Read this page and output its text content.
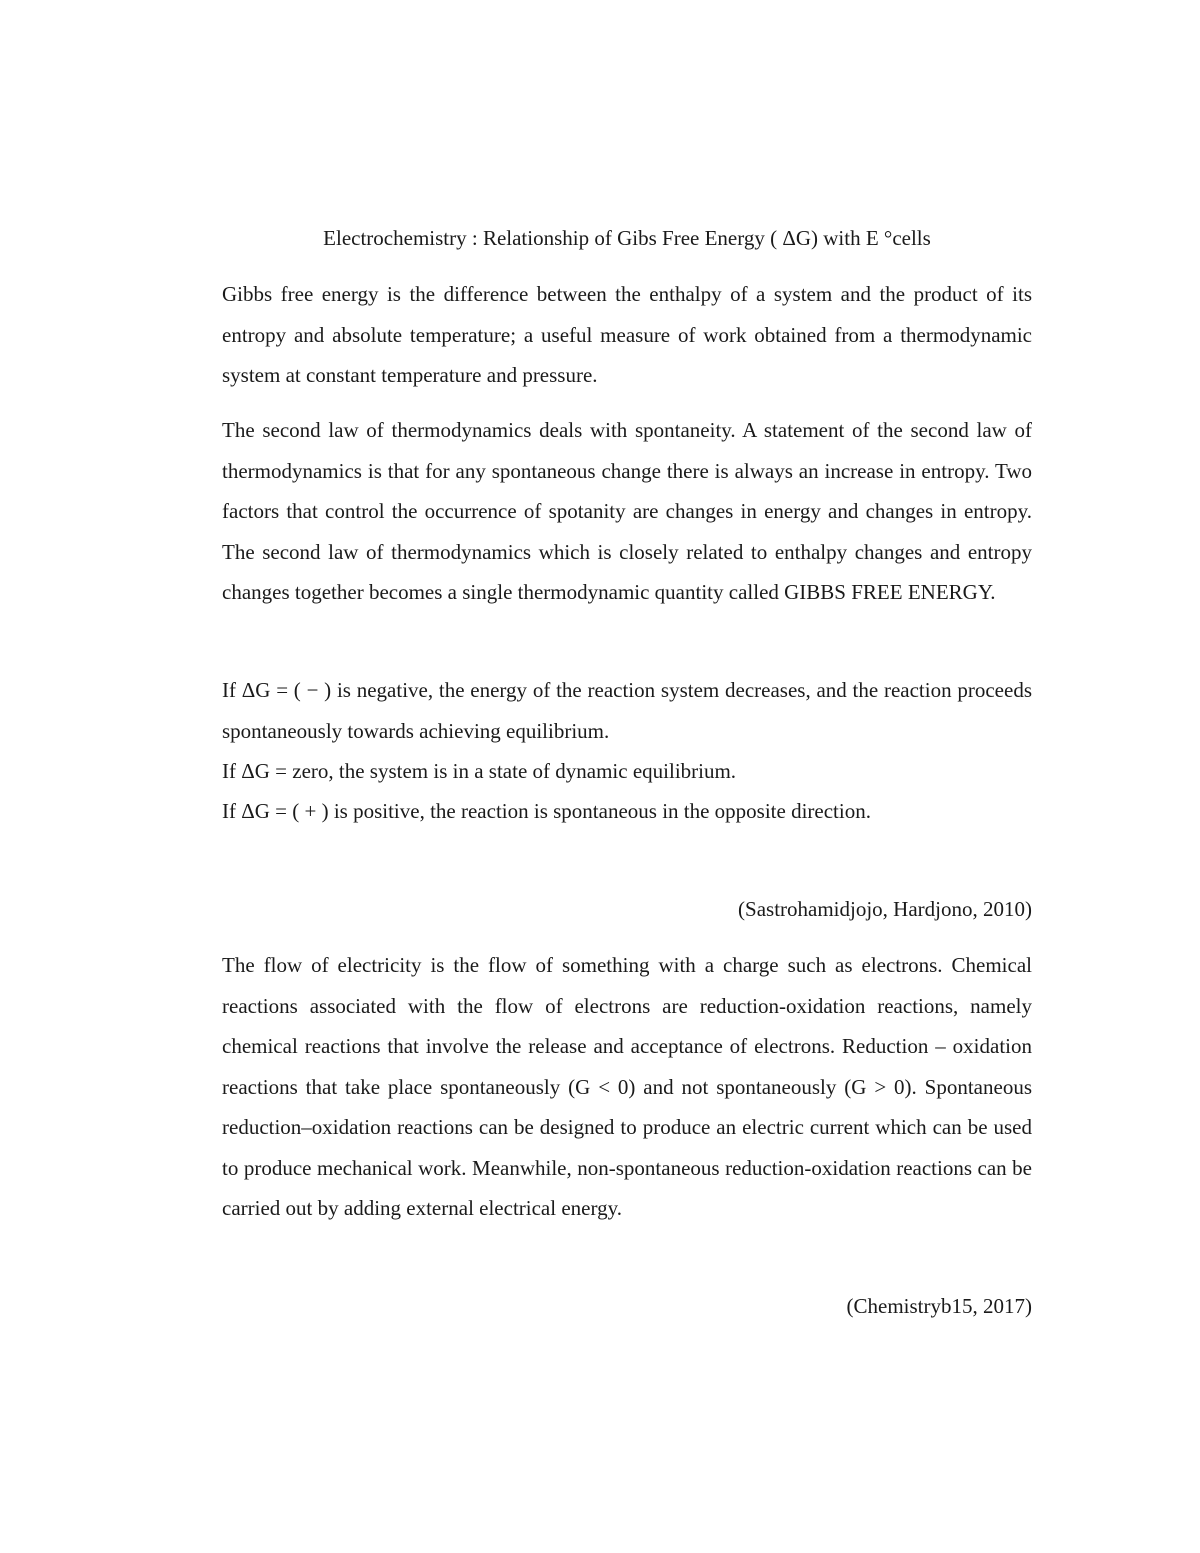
Electrochemistry : Relationship of Gibs Free Energy ( ΔG) with E °cells

Gibbs free energy is the difference between the enthalpy of a system and the product of its entropy and absolute temperature; a useful measure of work obtained from a thermodynamic system at constant temperature and pressure.

The second law of thermodynamics deals with spontaneity. A statement of the second law of thermodynamics is that for any spontaneous change there is always an increase in entropy. Two factors that control the occurrence of spotanity are changes in energy and changes in entropy. The second law of thermodynamics which is closely related to enthalpy changes and entropy changes together becomes a single thermodynamic quantity called GIBBS FREE ENERGY.

If ΔG = ( − ) is negative, the energy of the reaction system decreases, and the reaction proceeds spontaneously towards achieving equilibrium.

If ΔG = zero, the system is in a state of dynamic equilibrium.

If ΔG = ( + ) is positive, the reaction is spontaneous in the opposite direction.

(Sastrohamidjojo, Hardjono, 2010)

The flow of electricity is the flow of something with a charge such as electrons. Chemical reactions associated with the flow of electrons are reduction-oxidation reactions, namely chemical reactions that involve the release and acceptance of electrons. Reduction – oxidation reactions that take place spontaneously (G < 0) and not spontaneously (G > 0). Spontaneous reduction–oxidation reactions can be designed to produce an electric current which can be used to produce mechanical work. Meanwhile, non-spontaneous reduction-oxidation reactions can be carried out by adding external electrical energy.

(Chemistryb15, 2017)
